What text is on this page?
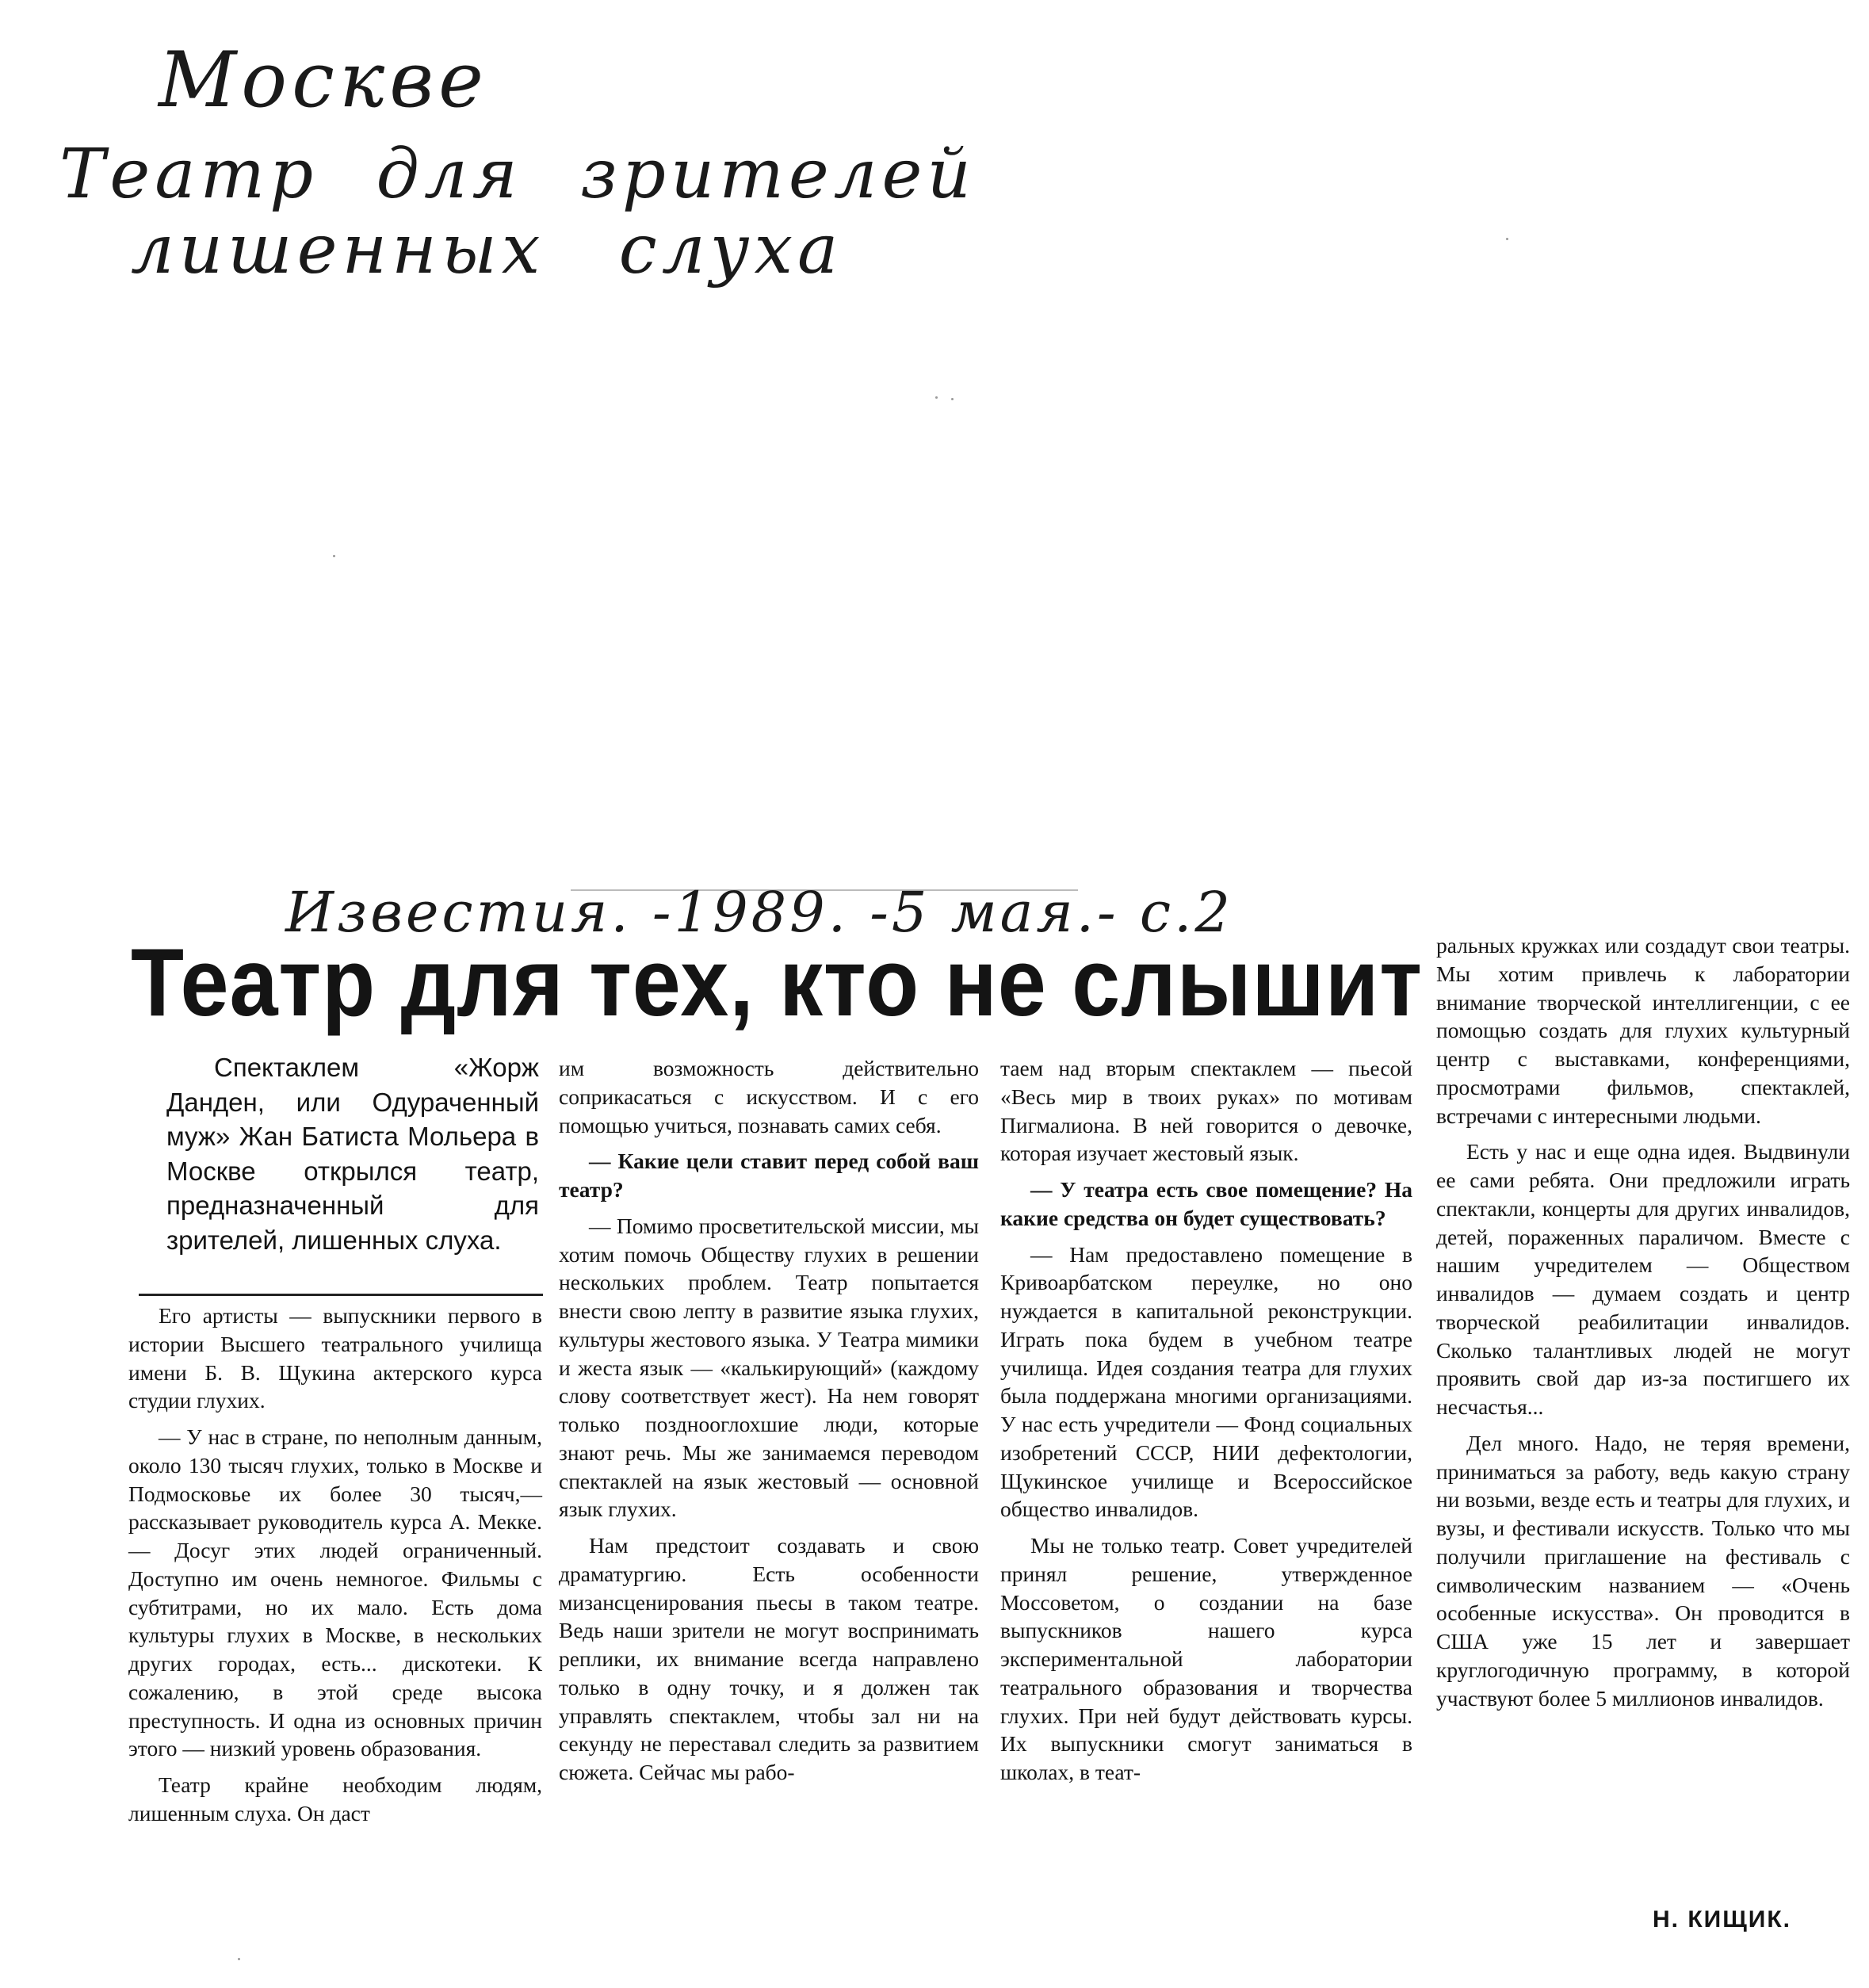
Москве
Театр для зрителей
лишенных слуха
Известия. -1989. -5 мая.- с.2
Театр для тех, кто не слышит

Спектаклем «Жорж Данден, или Одураченный муж» Жан Батиста Мольера в Москве открылся театр, предназначенный для зрителей, лишенных слуха.

Его артисты — выпускники первого в истории Высшего театрального училища имени Б. В. Щукина актерского курса студии глухих.

— У нас в стране, по неполным данным, около 130 тысяч глухих, только в Москве и Подмосковье их более 30 тысяч,— рассказывает руководитель курса А. Мекке.— Досуг этих людей ограниченный. Доступно им очень немногое. Фильмы с субтитрами, но их мало. Есть дома культуры глухих в Москве, в нескольких других городах, есть... дискотеки. К сожалению, в этой среде высока преступность. И одна из основных причин этого — низкий уровень образования.

Театр крайне необходим людям, лишенным слуха. Он даст

им возможность действительно соприкасаться с искусством. И с его помощью учиться, познавать самих себя.

— Какие цели ставит перед собой ваш театр?

— Помимо просветительской миссии, мы хотим помочь Обществу глухих в решении нескольких проблем. Театр попытается внести свою лепту в развитие языка глухих, культуры жестового языка. У Театра мимики и жеста язык — «калькирующий» (каждому слову соответствует жест). На нем говорят только позднооглохшие люди, которые знают речь. Мы же занимаемся переводом спектаклей на язык жестовый — основной язык глухих.

Нам предстоит создавать и свою драматургию. Есть особенности мизансценирования пьесы в таком театре. Ведь наши зрители не могут воспринимать реплики, их внимание всегда направлено только в одну точку, и я должен так управлять спектаклем, чтобы зал ни на секунду не переставал следить за развитием сюжета. Сейчас мы рабо-

таем над вторым спектаклем — пьесой «Весь мир в твоих руках» по мотивам Пигмалиона. В ней говорится о девочке, которая изучает жестовый язык.

— У театра есть свое помещение? На какие средства он будет существовать?

— Нам предоставлено помещение в Кривоарбатском переулке, но оно нуждается в капитальной реконструкции. Играть пока будем в учебном театре училища. Идея создания театра для глухих была поддержана многими организациями. У нас есть учредители — Фонд социальных изобретений СССР, НИИ дефектологии, Щукинское училище и Всероссийское общество инвалидов.

Мы не только театр. Совет учредителей принял решение, утвержденное Моссоветом, о создании на базе выпускников нашего курса экспериментальной лаборатории театрального образования и творчества глухих. При ней будут действовать курсы. Их выпускники смогут заниматься в школах, в теат-

ральных кружках или создадут свои театры. Мы хотим привлечь к лаборатории внимание творческой интеллигенции, с ее помощью создать для глухих культурный центр с выставками, конференциями, просмотрами фильмов, спектаклей, встречами с интересными людьми.

Есть у нас и еще одна идея. Выдвинули ее сами ребята. Они предложили играть спектакли, концерты для других инвалидов, детей, пораженных параличом. Вместе с нашим учредителем — Обществом инвалидов — думаем создать и центр творческой реабилитации инвалидов. Сколько талантливых людей не могут проявить свой дар из-за постигшего их несчастья...

Дел много. Надо, не теряя времени, приниматься за работу, ведь какую страну ни возьми, везде есть и театры для глухих, и вузы, и фестивали искусств. Только что мы получили приглашение на фестиваль с символическим названием — «Очень особенные искусства». Он проводится в США уже 15 лет и завершает круглогодичную программу, в которой участвуют более 5 миллионов инвалидов.

Н. КИЩИК.
